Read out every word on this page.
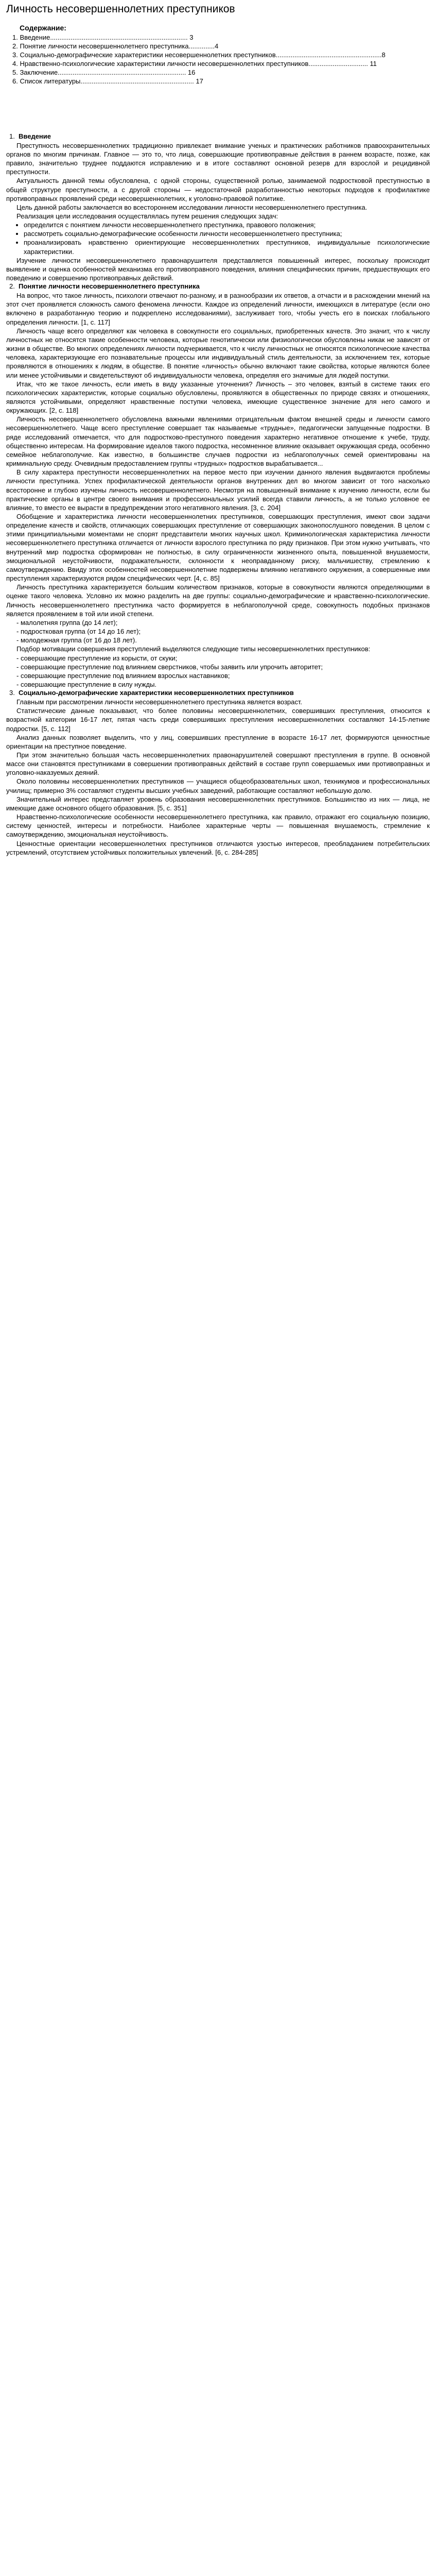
Личность несовершеннолетних преступников

Содержание:

1. Введение.......................................................................... 3

2. Понятие личности несовершеннолетнего преступника..............4

3. Социально-демографические характеристики несовершеннолетних преступников.........................................................8

4. Нравственно-психологические характеристики личности несовершеннолетних преступников................................ 11

5. Заключение..................................................................... 16

6. Список литературы............................................................. 17

1. Введение

Преступность несовершеннолетних традиционно привлекает внимание ученых и практических работников правоохранительных органов по многим причинам. Главное — это то, что лица, совершающие противоправные действия в раннем возрасте, позже, как правило, значительно труднее поддаются исправлению и в итоге составляют основной резерв для взрослой и рецидивной преступности.

Актуальность данной темы обусловлена, с одной стороны, существенной ролью, занимаемой подростковой преступностью в общей структуре преступности, а с другой стороны — недостаточной разработанностью некоторых подходов к профилактике противоправных проявлений среди несовершеннолетних, к уголовно-правовой политике.

Цель данной работы заключается во всестороннем исследовании личности несовершеннолетнего преступника.

Реализация цели исследования осуществлялась путем решения следующих задач:

• определится с понятием личности несовершеннолетнего преступника, правового положения;
• рассмотреть социально-демографические особенности личности несовершеннолетнего преступника;
• проанализировать нравственно ориентирующие несовершеннолетних преступников, индивидуальные психологические характеристики.

Изучение личности несовершеннолетнего правонарушителя представляется повышенный интерес, поскольку происходит выявление и оценка особенностей механизма его противоправного поведения, влияния специфических причин, предшествующих его поведению и совершению противоправных действий.

2. Понятие личности несовершеннолетнего преступника

На вопрос, что такое личность, психологи отвечают по-разному, и в разнообразии их ответов, а отчасти и в расхождении мнений на этот счет проявляется сложность самого феномена личности. Каждое из определений личности, имеющихся в литературе (если оно включено в разработанную теорию и подкреплено исследованиями), заслуживает того, чтобы учесть его в поисках глобального определения личности. [1, с. 117]

Личность чаще всего определяют как человека в совокупности его социальных, приобретенных качеств. Это значит, что к числу личностных не относятся такие особенности человека, которые генотипически или физиологически обусловлены никак не зависят от жизни в обществе. Во многих определениях личности подчеркивается, что к числу личностных не относятся психологические качества человека, характеризующие его познавательные процессы или индивидуальный стиль деятельности, за исключением тех, которые проявляются в отношениях к людям, в обществе. В понятие «личность» обычно включают такие свойства, которые являются более или менее устойчивыми и свидетельствуют об индивидуальности человека, определяя его значимые для людей поступки.

Итак, что же такое личность, если иметь в виду указанные уточнения? Личность – это человек, взятый в системе таких его психологических характеристик, которые социально обусловлены, проявляются в общественных по природе связях и отношениях, являются устойчивыми, определяют нравственные поступки человека, имеющие существенное значение для него самого и окружающих. [2, с. 118]

Личность несовершеннолетнего обусловлена важными явлениями отрицательным фактом внешней среды и личности самого несовершеннолетнего. Чаще всего преступление совершает так называемые «трудные», педагогически запущенные подростки. В ряде исследований отмечается, что для подростково-преступного поведения характерно негативное отношение к учебе, труду, общественно интересам. На формирование идеалов такого подростка, несомненное влияние оказывает окружающая среда, особенно семейное неблагополучие. Как известно, в большинстве случаев подростки из неблагополучных семей ориентированы на криминальную среду. Очевидным предоставлением группы «трудных» подростков вырабатывается...

В силу характера преступности несовершеннолетних на первое место при изучении данного явления выдвигаются проблемы личности преступника. Успех профилактической деятельности органов внутренних дел во многом зависит от того насколько всесторонне и глубоко изучены личность несовершеннолетнего. Несмотря на повышенный внимание к изучению личности, если бы практические органы в центре своего внимания и профессиональных усилий всегда ставили личность, а не только условное ее влияние, то вместо ее вырасти в предупреждении этого негативного явления. [3, с. 204]

Обобщение и характеристика личности несовершеннолетних преступников, совершающих преступления, имеют свои задачи определение качеств и свойств, отличающих совершающих преступление от совершающих законопослушного поведения. В целом с этими принципиальными моментами не спорят представители многих научных школ. Криминологическая характеристика личности несовершеннолетнего преступника отличается от личности взрослого преступника по ряду признаков. При этом нужно учитывать, что внутренний мир подростка сформирован не полностью, в силу ограниченности жизненного опыта, повышенной внушаемости, эмоциональной неустойчивости, подражательности, склонности к неоправданному риску, мальчишеству, стремлению к самоутверждению. Ввиду этих особенностей несовершеннолетние подвержены влиянию негативного окружения, а совершенные ими преступления характеризуются рядом специфических черт. [4, с. 85]

Личность преступника характеризуется большим количеством признаков, которые в совокупности являются определяющими в оценке такого человека. Условно их можно разделить на две группы: социально-демографические и нравственно-психологические. Личность несовершеннолетнего преступника часто формируется в неблагополучной среде, совокупность подобных признаков является проявлением в той или иной степени.

- малолетняя группа (до 14 лет);

- подростковая группа (от 14 до 16 лет);

- молодежная группа (от 16 до 18 лет).

Подбор мотивации совершения преступлений выделяются следующие типы несовершеннолетних преступников:

- совершающие преступление из корысти, от скуки;

- совершающие преступление под влиянием сверстников, чтобы заявить или упрочить авторитет;

- совершающие преступление под влиянием взрослых наставников;

- совершающие преступление в силу нужды.

3. Социально-демографические характеристики несовершеннолетних преступников

Главным при рассмотрении личности несовершеннолетнего преступника является возраст.

Статистические данные показывают, что более половины несовершеннолетних, совершивших преступления, относится к возрастной категории 16-17 лет, пятая часть среди совершивших преступления несовершеннолетних составляют 14-15-летние подростки. [5, с. 112]

Анализ данных позволяет выделить, что у лиц, совершивших преступление в возрасте 16-17 лет, формируются ценностные ориентации на преступное поведение.

При этом значительно большая часть несовершеннолетних правонарушителей совершают преступления в группе. В основной массе они становятся преступниками в совершении противоправных действий в составе групп совершаемых ими противоправных и уголовно-наказуемых деяний.

Около половины несовершеннолетних преступников — учащиеся общеобразовательных школ, техникумов и профессиональных училищ; примерно 3% составляют студенты высших учебных заведений, работающие составляют небольшую долю.

Значительный интерес представляет уровень образования несовершеннолетних преступников. Большинство из них — лица, не имеющие даже основного общего образования. [5, с. 351]

Нравственно-психологические особенности несовершеннолетнего преступника, как правило, отражают его социальную позицию, систему ценностей, интересы и потребности. Наиболее характерные черты — повышенная внушаемость, стремление к самоутверждению, эмоциональная неустойчивость.

Ценностные ориентации несовершеннолетних преступников отличаются узостью интересов, преобладанием потребительских устремлений, отсутствием устойчивых положительных увлечений. [6, с. 284-285]
